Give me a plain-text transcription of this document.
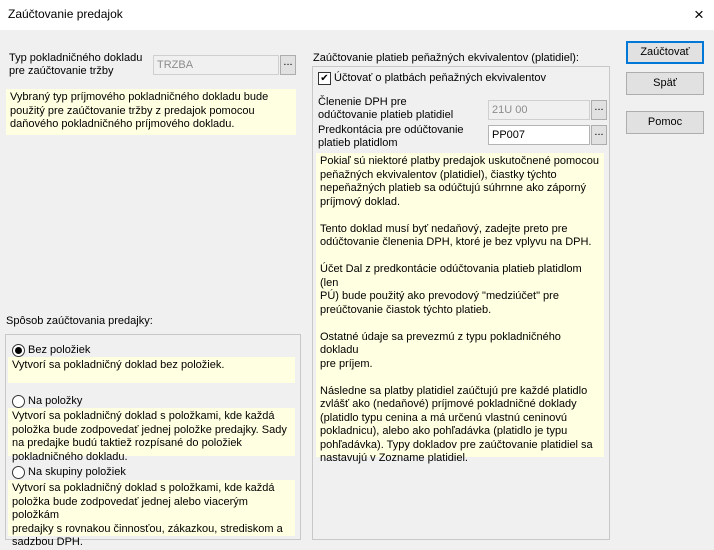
Zaúčtovanie predajok	×
Typ pokladničného dokladu
pre zaúčtovanie tržby	TRZBA	...
Vybraný typ príjmového pokladničného dokladu bude
použitý pre zaúčtovanie tržby z predajok pomocou
daňového pokladničného príjmového dokladu.
Spôsob zaúčtovania predajky:
Bez položiek
Vytvorí sa pokladničný doklad bez položiek.
Na položky
Vytvorí sa pokladničný doklad s položkami, kde každá
položka bude zodpovedať jednej položke predajky. Sady
na predajke budú taktiež rozpísané do položiek
pokladničného dokladu.
Na skupiny položiek
Vytvorí sa pokladničný doklad s položkami, kde každá
položka bude zodpovedať jednej alebo viacerým položkám
predajky s rovnakou činnosťou, zákazkou, strediskom a
sadzbou DPH.
Zaúčtovanie platieb peňažných ekvivalentov (platidiel):
✔ Účtovať o platbách peňažných ekvivalentov
Členenie DPH pre
odúčtovanie platieb platidiel	21U 00	...
Predkontácia pre odúčtovanie
platieb platidlom
PP007	...
Pokiaľ sú niektoré platby predajok uskutočnené pomocou
peňažných ekvivalentov (platidiel), čiastky týchto
nepeňažných platieb sa odúčtujú súhrnne ako záporný
príjmový doklad.
Tento doklad musí byť nedaňový, zadejte preto pre
odúčtovanie členenia DPH, ktoré je bez vplyvu na DPH.
Účet Dal z predkontácie odúčtovania platieb platidlom (len
PÚ) bude použitý ako prevodový "medziúčet" pre
preúčtovanie čiastok týchto platieb.
Ostatné údaje sa prevezmú z typu pokladničného dokladu
pre príjem.
Následne sa platby platidiel zaúčtujú pre každé platidlo
zvlášť ako (nedaňové) príjmové pokladničné doklady
(platidlo typu cenina a má určenú vlastnú ceninovú
pokladnicu), alebo ako pohľadávka (platidlo je typu
pohľadávka). Typy dokladov pre zaúčtovanie platidiel sa
nastavujú v Zozname platidiel.
Zaúčtovať
Späť
Pomoc
